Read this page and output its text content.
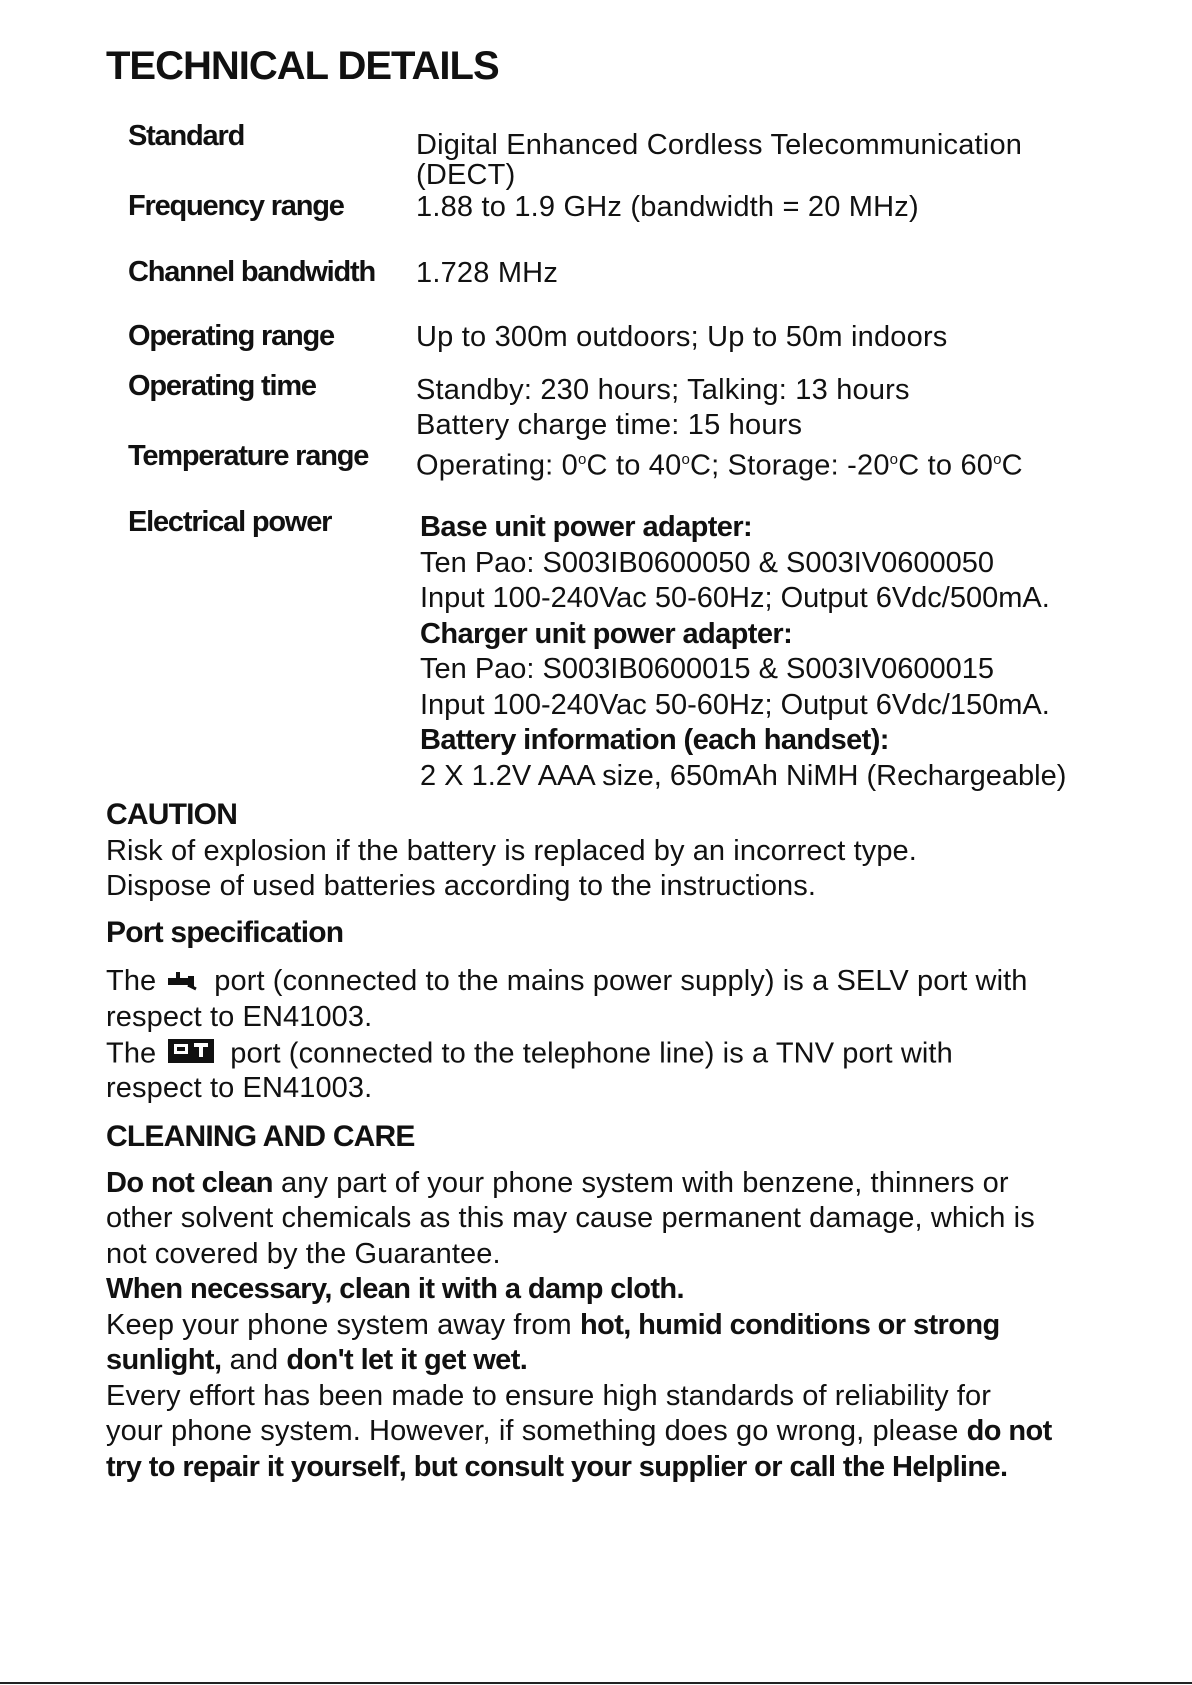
TECHNICAL DETAILS
Standard	Digital Enhanced Cordless Telecommunication
(DECT)
Frequency range 1.88 to 1.9 GHz (bandwidth = 20 MHz)
Channel bandwidth 1.728 MHz
Operating range	Up to 300m outdoors; Up to 50m indoors
Operating time	Standby: 230 hours; Talking: 13 hours
Battery charge time: 15 hours
Temperature range Operating: 0$^o$C to 40$^o$C; Storage: -20$^o$C to 60$^o$C
Electrical power	Base unit power adapter:
Ten Pao: S003IB0600050 & S003IV0600050
Input 100-240Vac 50-60Hz; Output 6Vdc/500mA.
Charger unit power adapter:
Ten Pao: S003IB0600015 & S003IV0600015
Input 100-240Vac 50-60Hz; Output 6Vdc/150mA.
Battery information (each handset):
2 X 1.2V AAA size, 650mAh NiMH (Rechargeable)
CAUTION
Risk of explosion if the battery is replaced by an incorrect type.
Dispose of used batteries according to the instructions.
Port specification
The port (connected to the mains power supply) is a SELV port with
respect to EN41003.
The	port (connected to the telephone line) is a TNV port with
respect to EN41003.
CLEANING AND CARE
Do not clean any part of your phone system with benzene, thinners or
other solvent chemicals as this may cause permanent damage, which is
not covered by the Guarantee.
When necessary, clean it with a damp cloth.
Keep your phone system away from hot, humid conditions or strong
sunlight, and don't let it get wet.
Every effort has been made to ensure high standards of reliability for
your phone system. However, if something does go wrong, please do not
try to repair it yourself, but consult your supplier or call the Helpline.
